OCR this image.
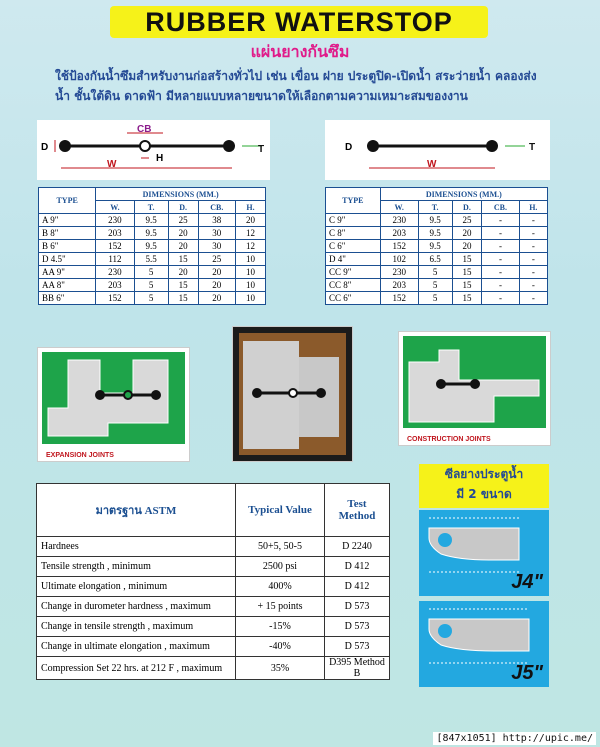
RUBBER WATERSTOP
แผ่นยางกันซึม
ใช้ป้องกันน้ำซึมสำหรับงานก่อสร้างทั่วไป เช่น เขื่อน ฝาย ประตูปิด-เปิดน้ำ สระว่ายน้ำ คลองส่งน้ำ ชั้นใต้ดิน ดาดฟ้า มีหลายแบบหลายขนาดให้เลือกตามความเหมาะสมของงาน
D
CB
H
W
T	D
W
T
TYPE	DIMENSIONS (MM.)				
	W.	T.	D.	CB.	H.
A 9"	230	9.5	25	38	20
B 8"	203	9.5	20	30	12
B 6"	152	9.5	20	30	12
D 4.5"	112	5.5	15	25	10
AA 9"	230	5	20	20	10
AA 8"	203	5	15	20	10
BB 6"	152	5	15	20	10
TYPE	DIMENSIONS (MM.)				
	W.	T.	D.	CB.	H.
C 9"	230	9.5	25	-	-
C 8"	203	9.5	20	-	-
C 6"	152	9.5	20	-	-
D 4"	102	6.5	15	-	-
CC 9"	230	5	15	-	-
CC 8"	203	5	15	-	-
CC 6"	152	5	15	-	-
EXPANSION JOINTS
CONSTRUCTION JOINTS
มาตรฐาน ASTM	Typical Value	Test Method
Hardnees	50+5, 50-5	D 2240
Tensile strength , minimum	2500 psi	D 412
Ultimate elongation , minimum	400%	D 412
Change in durometer hardness , maximum	+ 15 points	D 573
Change in tensile strength , maximum	-15%	D 573
Change in ultimate elongation , maximum	-40%	D 573
Compression Set 22 hrs. at 212 F , maximum	35%	D395 Method B
ซีลยางประตูน้ำ
มี 2 ขนาด
J4"
J5"
[847x1051] http://upic.me/
